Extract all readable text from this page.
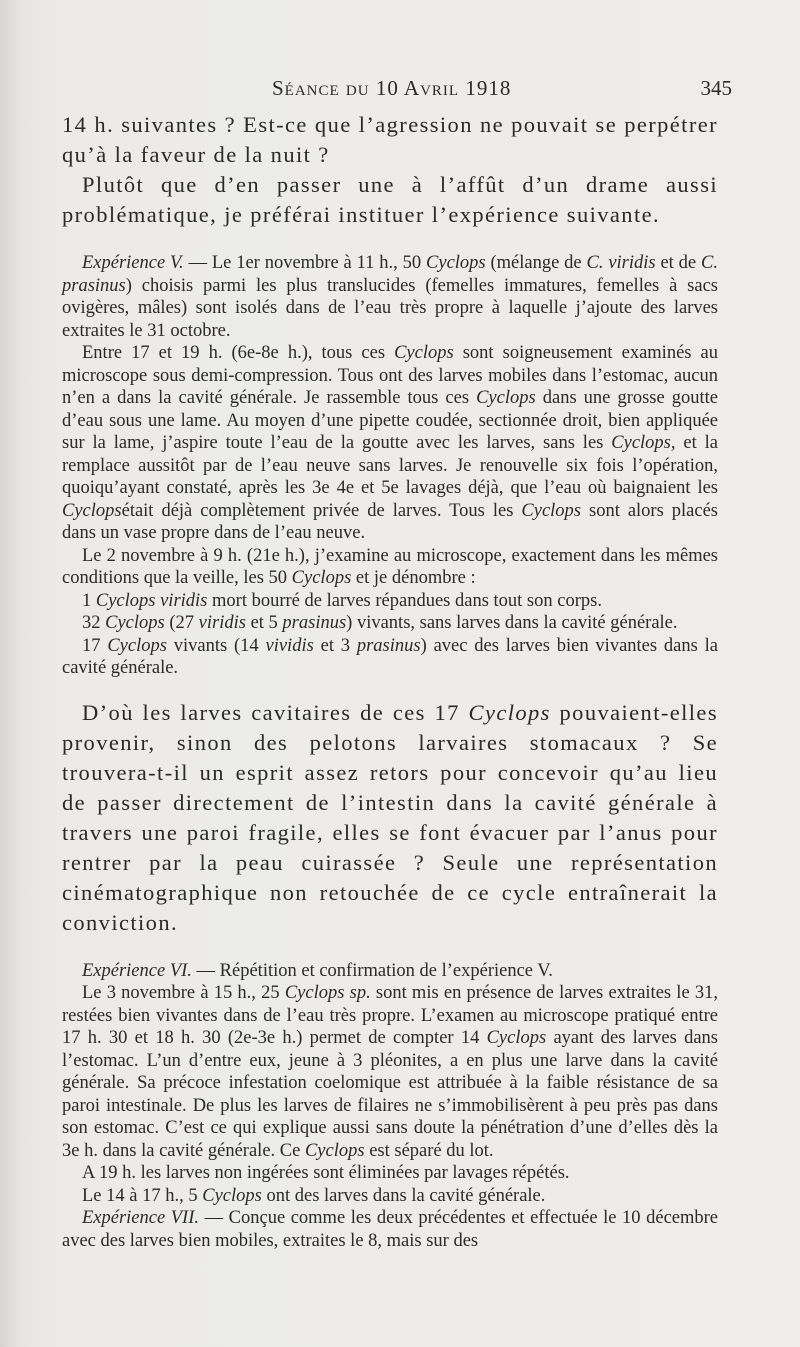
Séance du 10 Avril 1918	345

14 h. suivantes ? Est-ce que l’agression ne pouvait se perpétrer qu’à la faveur de la nuit ?

Plutôt que d’en passer une à l’affût d’un drame aussi problématique, je préférai instituer l’expérience suivante.

Expérience V. — Le 1er novembre à 11 h., 50 Cyclops (mélange de C. viridis et de C. prasinus) choisis parmi les plus translucides (femelles immatures, femelles à sacs ovigères, mâles) sont isolés dans de l’eau très propre à laquelle j’ajoute des larves extraites le 31 octobre.

Entre 17 et 19 h. (6e-8e h.), tous ces Cyclops sont soigneusement examinés au microscope sous demi-compression. Tous ont des larves mobiles dans l’estomac, aucun n’en a dans la cavité générale. Je rassemble tous ces Cyclops dans une grosse goutte d’eau sous une lame. Au moyen d’une pipette coudée, sectionnée droit, bien appliquée sur la lame, j’aspire toute l’eau de la goutte avec les larves, sans les Cyclops, et la remplace aussitôt par de l’eau neuve sans larves. Je renouvelle six fois l’opération, quoiqu’ayant constaté, après les 3e 4e et 5e lavages déjà, que l’eau où baignaient les Cyclopsétait déjà complètement privée de larves. Tous les Cyclops sont alors placés dans un vase propre dans de l’eau neuve.

Le 2 novembre à 9 h. (21e h.), j’examine au microscope, exactement dans les mêmes conditions que la veille, les 50 Cyclops et je dénombre :

1 Cyclops viridis mort bourré de larves répandues dans tout son corps.

32 Cyclops (27 viridis et 5 prasinus) vivants, sans larves dans la cavité générale.

17 Cyclops vivants (14 vividis et 3 prasinus) avec des larves bien vivantes dans la cavité générale.

D’où les larves cavitaires de ces 17 Cyclops pouvaient-elles provenir, sinon des pelotons larvaires stomacaux ? Se trouvera-t-il un esprit assez retors pour concevoir qu’au lieu de passer directement de l’intestin dans la cavité générale à travers une paroi fragile, elles se font évacuer par l’anus pour rentrer par la peau cuirassée ? Seule une représentation cinématographique non retouchée de ce cycle entraînerait la conviction.

Expérience VI. — Répétition et confirmation de l’expérience V.

Le 3 novembre à 15 h., 25 Cyclops sp. sont mis en présence de larves extraites le 31, restées bien vivantes dans de l’eau très propre. L’examen au microscope pratiqué entre 17 h. 30 et 18 h. 30 (2e-3e h.) permet de compter 14 Cyclops ayant des larves dans l’estomac. L’un d’entre eux, jeune à 3 pléonites, a en plus une larve dans la cavité générale. Sa précoce infestation coelomique est attribuée à la faible résistance de sa paroi intestinale. De plus les larves de filaires ne s’immobilisèrent à peu près pas dans son estomac. C’est ce qui explique aussi sans doute la pénétration d’une d’elles dès la 3e h. dans la cavité générale. Ce Cyclops est séparé du lot.

A 19 h. les larves non ingérées sont éliminées par lavages répétés.

Le 14 à 17 h., 5 Cyclops ont des larves dans la cavité générale.

Expérience VII. — Conçue comme les deux précédentes et effectuée le 10 décembre avec des larves bien mobiles, extraites le 8, mais sur des
